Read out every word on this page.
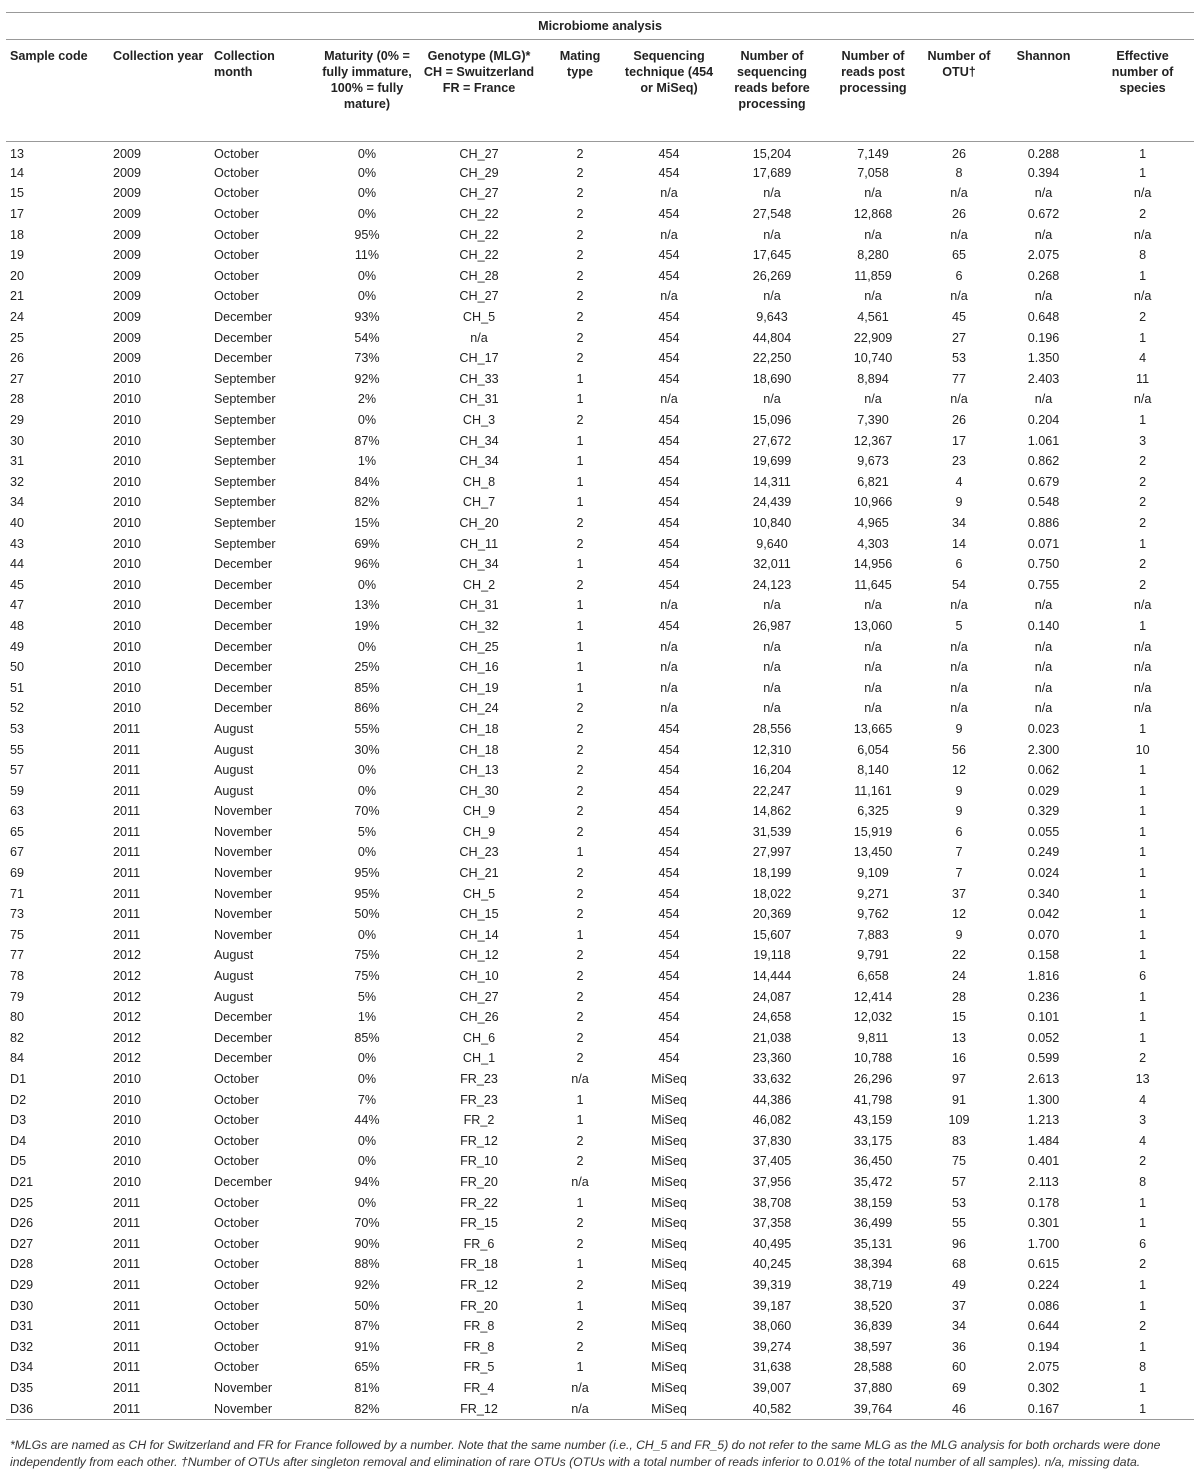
Microbiome analysis											
Sample code	Collection year	Collection month	Maturity (0% = fully immature, 100% = fully mature)	Genotype (MLG)* CH = Swuitzerland FR = France	Mating type	Sequencing technique (454 or MiSeq)	Number of sequencing reads before processing	Number of reads post processing	Number of OTU†	Shannon	Effective number of species
13	2009	October	0%	CH_27	2	454	15,204	7,149	26	0.288	1
14	2009	October	0%	CH_29	2	454	17,689	7,058	8	0.394	1
15	2009	October	0%	CH_27	2	n/a	n/a	n/a	n/a	n/a	n/a
17	2009	October	0%	CH_22	2	454	27,548	12,868	26	0.672	2
18	2009	October	95%	CH_22	2	n/a	n/a	n/a	n/a	n/a	n/a
19	2009	October	11%	CH_22	2	454	17,645	8,280	65	2.075	8
20	2009	October	0%	CH_28	2	454	26,269	11,859	6	0.268	1
21	2009	October	0%	CH_27	2	n/a	n/a	n/a	n/a	n/a	n/a
24	2009	December	93%	CH_5	2	454	9,643	4,561	45	0.648	2
25	2009	December	54%	n/a	2	454	44,804	22,909	27	0.196	1
26	2009	December	73%	CH_17	2	454	22,250	10,740	53	1.350	4
27	2010	September	92%	CH_33	1	454	18,690	8,894	77	2.403	11
28	2010	September	2%	CH_31	1	n/a	n/a	n/a	n/a	n/a	n/a
29	2010	September	0%	CH_3	2	454	15,096	7,390	26	0.204	1
30	2010	September	87%	CH_34	1	454	27,672	12,367	17	1.061	3
31	2010	September	1%	CH_34	1	454	19,699	9,673	23	0.862	2
32	2010	September	84%	CH_8	1	454	14,311	6,821	4	0.679	2
34	2010	September	82%	CH_7	1	454	24,439	10,966	9	0.548	2
40	2010	September	15%	CH_20	2	454	10,840	4,965	34	0.886	2
43	2010	September	69%	CH_11	2	454	9,640	4,303	14	0.071	1
44	2010	December	96%	CH_34	1	454	32,011	14,956	6	0.750	2
45	2010	December	0%	CH_2	2	454	24,123	11,645	54	0.755	2
47	2010	December	13%	CH_31	1	n/a	n/a	n/a	n/a	n/a	n/a
48	2010	December	19%	CH_32	1	454	26,987	13,060	5	0.140	1
49	2010	December	0%	CH_25	1	n/a	n/a	n/a	n/a	n/a	n/a
50	2010	December	25%	CH_16	1	n/a	n/a	n/a	n/a	n/a	n/a
51	2010	December	85%	CH_19	1	n/a	n/a	n/a	n/a	n/a	n/a
52	2010	December	86%	CH_24	2	n/a	n/a	n/a	n/a	n/a	n/a
53	2011	August	55%	CH_18	2	454	28,556	13,665	9	0.023	1
55	2011	August	30%	CH_18	2	454	12,310	6,054	56	2.300	10
57	2011	August	0%	CH_13	2	454	16,204	8,140	12	0.062	1
59	2011	August	0%	CH_30	2	454	22,247	11,161	9	0.029	1
63	2011	November	70%	CH_9	2	454	14,862	6,325	9	0.329	1
65	2011	November	5%	CH_9	2	454	31,539	15,919	6	0.055	1
67	2011	November	0%	CH_23	1	454	27,997	13,450	7	0.249	1
69	2011	November	95%	CH_21	2	454	18,199	9,109	7	0.024	1
71	2011	November	95%	CH_5	2	454	18,022	9,271	37	0.340	1
73	2011	November	50%	CH_15	2	454	20,369	9,762	12	0.042	1
75	2011	November	0%	CH_14	1	454	15,607	7,883	9	0.070	1
77	2012	August	75%	CH_12	2	454	19,118	9,791	22	0.158	1
78	2012	August	75%	CH_10	2	454	14,444	6,658	24	1.816	6
79	2012	August	5%	CH_27	2	454	24,087	12,414	28	0.236	1
80	2012	December	1%	CH_26	2	454	24,658	12,032	15	0.101	1
82	2012	December	85%	CH_6	2	454	21,038	9,811	13	0.052	1
84	2012	December	0%	CH_1	2	454	23,360	10,788	16	0.599	2
D1	2010	October	0%	FR_23	n/a	MiSeq	33,632	26,296	97	2.613	13
D2	2010	October	7%	FR_23	1	MiSeq	44,386	41,798	91	1.300	4
D3	2010	October	44%	FR_2	1	MiSeq	46,082	43,159	109	1.213	3
D4	2010	October	0%	FR_12	2	MiSeq	37,830	33,175	83	1.484	4
D5	2010	October	0%	FR_10	2	MiSeq	37,405	36,450	75	0.401	2
D21	2010	December	94%	FR_20	n/a	MiSeq	37,956	35,472	57	2.113	8
D25	2011	October	0%	FR_22	1	MiSeq	38,708	38,159	53	0.178	1
D26	2011	October	70%	FR_15	2	MiSeq	37,358	36,499	55	0.301	1
D27	2011	October	90%	FR_6	2	MiSeq	40,495	35,131	96	1.700	6
D28	2011	October	88%	FR_18	1	MiSeq	40,245	38,394	68	0.615	2
D29	2011	October	92%	FR_12	2	MiSeq	39,319	38,719	49	0.224	1
D30	2011	October	50%	FR_20	1	MiSeq	39,187	38,520	37	0.086	1
D31	2011	October	87%	FR_8	2	MiSeq	38,060	36,839	34	0.644	2
D32	2011	October	91%	FR_8	2	MiSeq	39,274	38,597	36	0.194	1
D34	2011	October	65%	FR_5	1	MiSeq	31,638	28,588	60	2.075	8
D35	2011	November	81%	FR_4	n/a	MiSeq	39,007	37,880	69	0.302	1
D36	2011	November	82%	FR_12	n/a	MiSeq	40,582	39,764	46	0.167	1

*MLGs are named as CH for Switzerland and FR for France followed by a number. Note that the same number (i.e., CH_5 and FR_5) do not refer to the same MLG as the MLG analysis for both orchards were done

independently from each other. †Number of OTUs after singleton removal and elimination of rare OTUs (OTUs with a total number of reads inferior to 0.01% of the total number of all samples). n/a, missing data.
